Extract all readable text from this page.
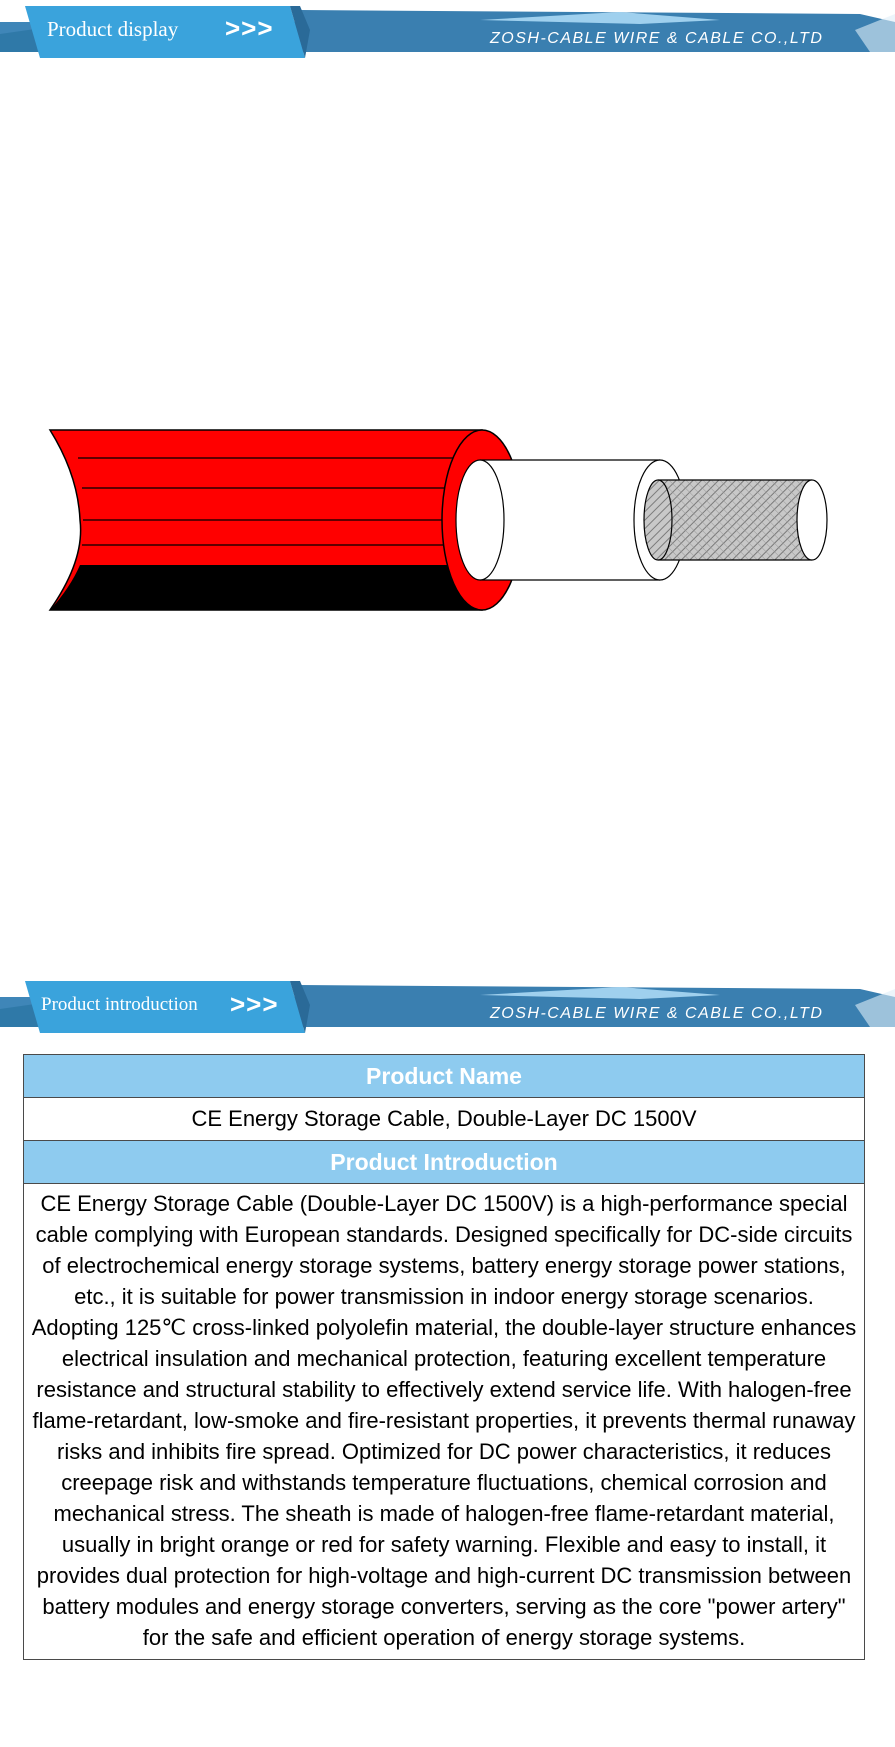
Product display >>>	ZOSH-CABLE WIRE & CABLE CO.,LTD
Product introduction >>>	ZOSH-CABLE WIRE & CABLE CO.,LTD
Product Name
CE Energy Storage Cable, Double-Layer DC 1500V
Product Introduction
CE Energy Storage Cable (Double-Layer DC 1500V) is a high-performance special cable complying with European standards. Designed specifically for DC-side circuits of electrochemical energy storage systems, battery energy storage power stations, etc., it is suitable for power transmission in indoor energy storage scenarios. Adopting 125℃ cross-linked polyolefin material, the double-layer structure enhances electrical insulation and mechanical protection, featuring excellent temperature resistance and structural stability to effectively extend service life. With halogen-free flame-retardant, low-smoke and fire-resistant properties, it prevents thermal runaway risks and inhibits fire spread. Optimized for DC power characteristics, it reduces creepage risk and withstands temperature fluctuations, chemical corrosion and mechanical stress. The sheath is made of halogen-free flame-retardant material, usually in bright orange or red for safety warning. Flexible and easy to install, it provides dual protection for high-voltage and high-current DC transmission between battery modules and energy storage converters, serving as the core "power artery" for the safe and efficient operation of energy storage systems.
